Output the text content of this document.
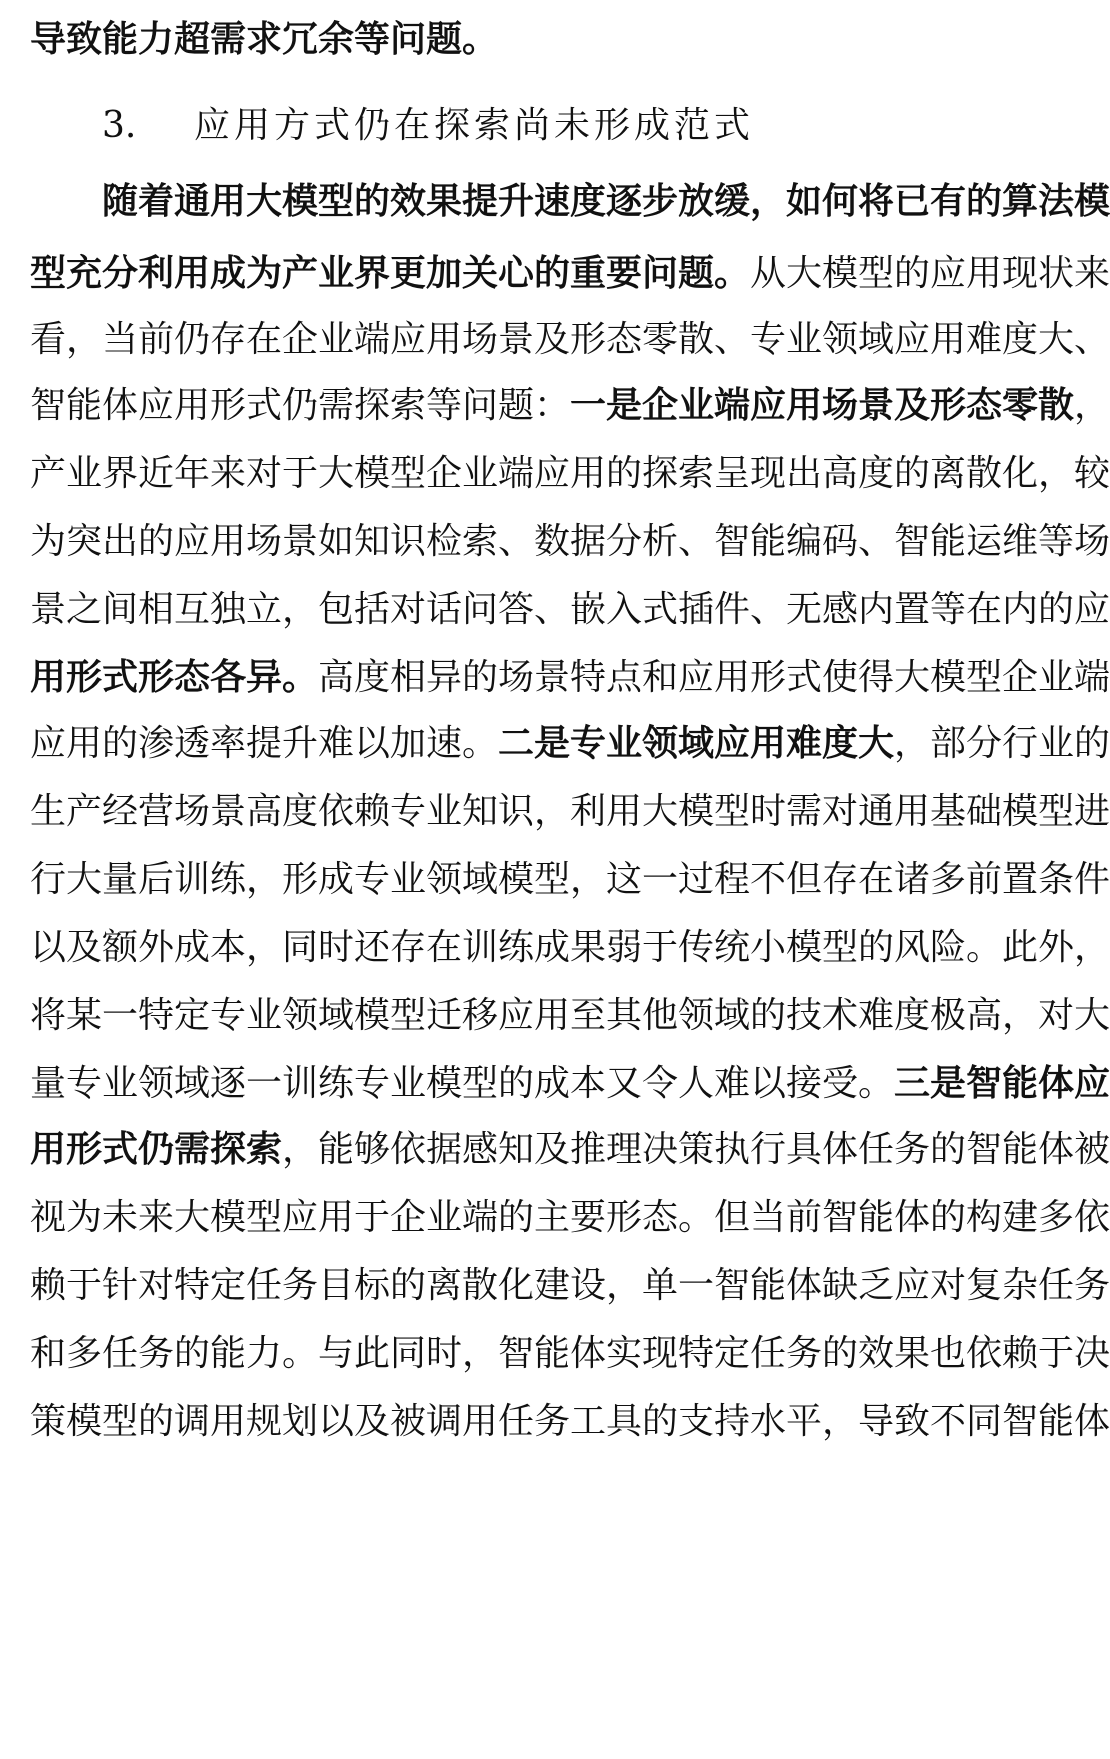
3. 应用方式仍在探索尚未形成范式
导致能力超需求冗余等问题。
随着通用大模型的效果提升速度逐步放缓，如何将已有的算法模
型充分利用成为产业界更加关心的重要问题。从大模型的应用现状来
看，当前仍存在企业端应用场景及形态零散、专业领域应用难度大、
智能体应用形式仍需探索等问题：一是企业端应用场景及形态零散，
产业界近年来对于大模型企业端应用的探索呈现出高度的离散化，较
为突出的应用场景如知识检索、数据分析、智能编码、智能运维等场
景之间相互独立，包括对话问答、嵌入式插件、无感内置等在内的应
用形式形态各异。高度相异的场景特点和应用形式使得大模型企业端
应用的渗透率提升难以加速。二是专业领域应用难度大，部分行业的
生产经营场景高度依赖专业知识，利用大模型时需对通用基础模型进
行大量后训练，形成专业领域模型，这一过程不但存在诸多前置条件
以及额外成本，同时还存在训练成果弱于传统小模型的风险。此外，
将某一特定专业领域模型迁移应用至其他领域的技术难度极高，对大
量专业领域逐一训练专业模型的成本又令人难以接受。三是智能体应
用形式仍需探索，能够依据感知及推理决策执行具体任务的智能体被
视为未来大模型应用于企业端的主要形态。但当前智能体的构建多依
赖于针对特定任务目标的离散化建设，单一智能体缺乏应对复杂任务
和多任务的能力。与此同时，智能体实现特定任务的效果也依赖于决
策模型的调用规划以及被调用任务工具的支持水平，导致不同智能体
